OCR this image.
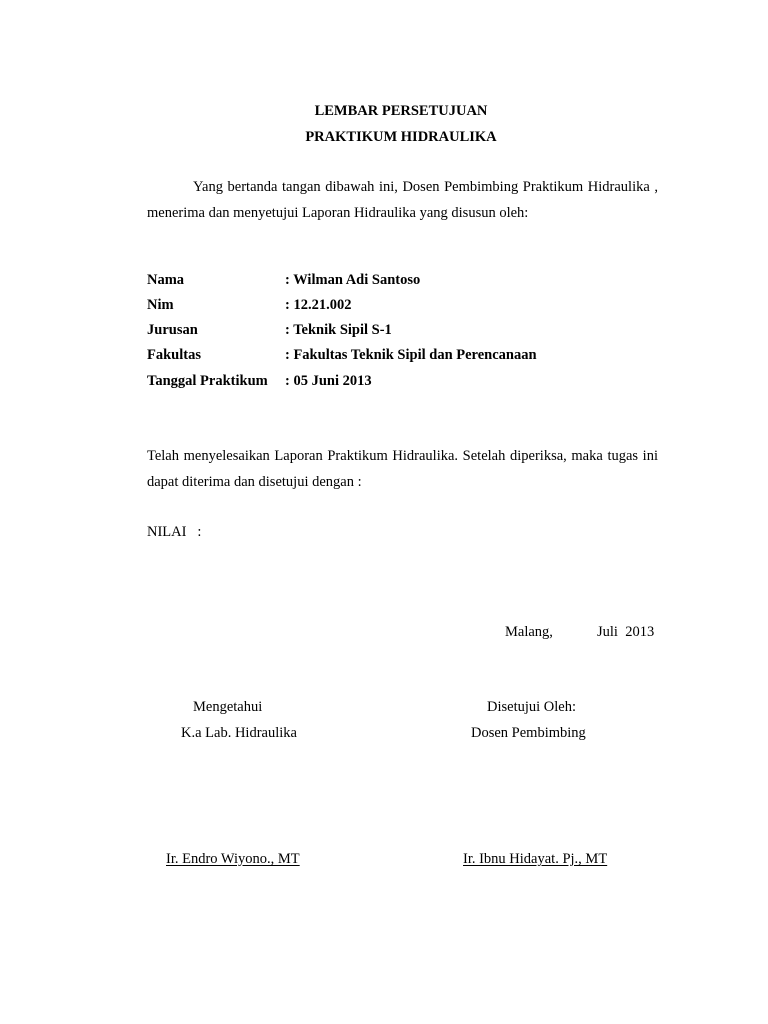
LEMBAR PERSETUJUAN
PRAKTIKUM HIDRAULIKA
Yang bertanda tangan dibawah ini, Dosen Pembimbing Praktikum Hidraulika , menerima dan menyetujui Laporan Hidraulika yang disusun oleh:
Nama	: Wilman Adi Santoso
Nim	: 12.21.002
Jurusan	: Teknik Sipil S-1
Fakultas	: Fakultas Teknik Sipil dan Perencanaan
Tanggal Praktikum : 05 Juni 2013
Telah menyelesaikan Laporan Praktikum Hidraulika. Setelah diperiksa, maka tugas ini dapat diterima dan disetujui dengan :
NILAI   :
Malang,	Juli  2013
Mengetahui
K.a Lab. Hidraulika
Ir. Endro Wiyono., MT
Disetujui Oleh:
Dosen Pembimbing
Ir. Ibnu Hidayat. Pj., MT
